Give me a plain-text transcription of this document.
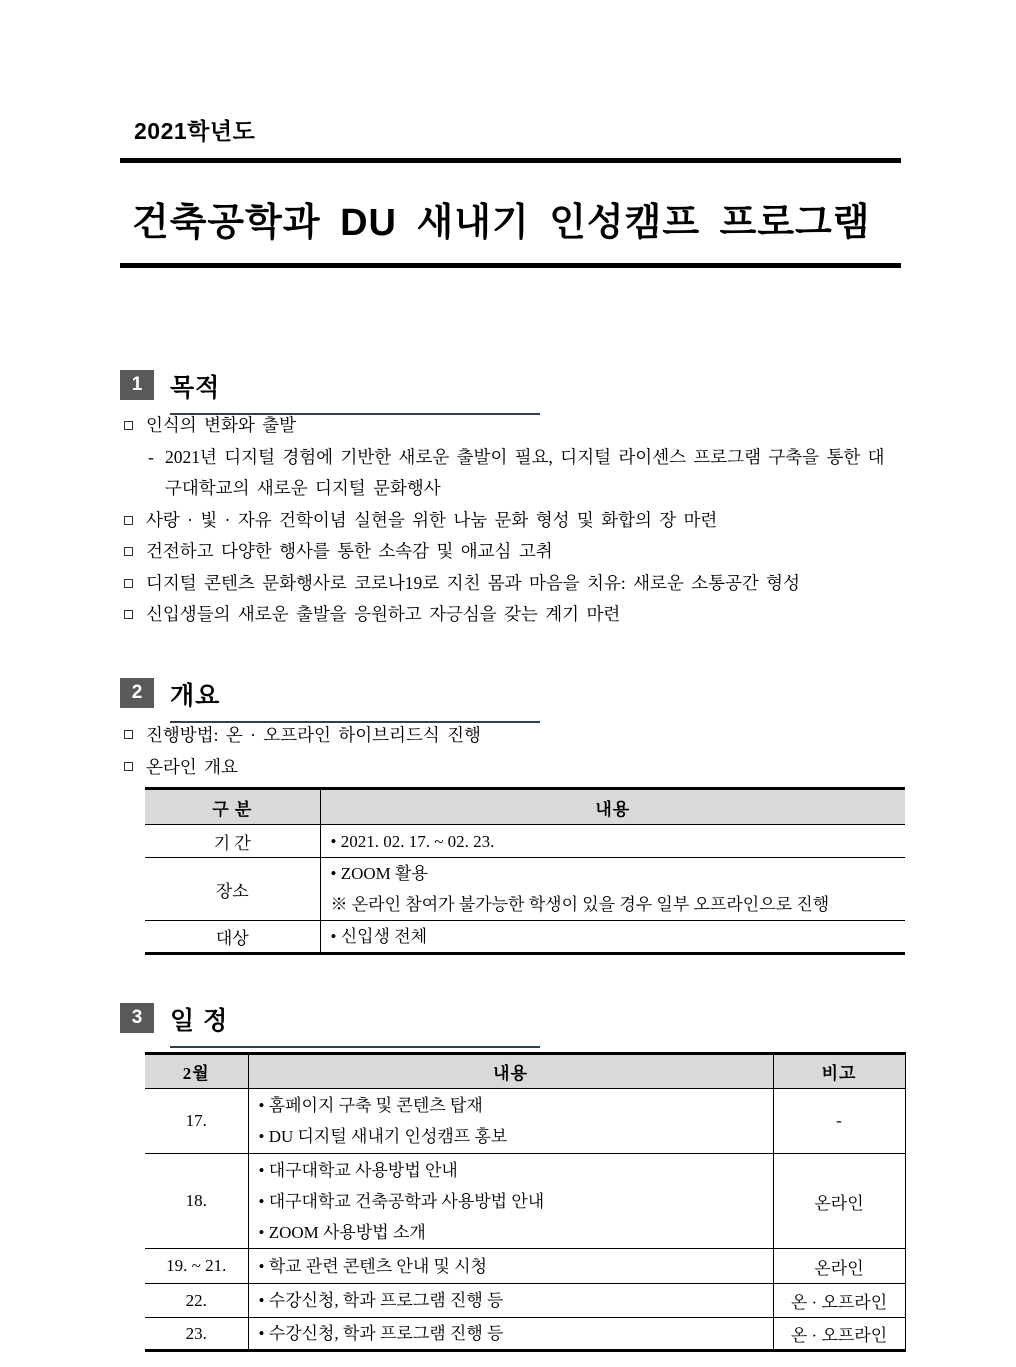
2021학년도
건축공학과 DU 새내기 인성캠프 프로그램
1	목적
인식의 변화와 출발
- 2021년 디지털 경험에 기반한 새로운 출발이 필요, 디지털 라이센스 프로그램 구축을 통한 대구대학교의 새로운 디지털 문화행사
사랑 · 빛 · 자유 건학이념 실현을 위한 나눔 문화 형성 및 화합의 장 마련
건전하고 다양한 행사를 통한 소속감 및 애교심 고취
디지털 콘텐츠 문화행사로 코로나19로 지친 몸과 마음을 치유: 새로운 소통공간 형성
신입생들의 새로운 출발을 응원하고 자긍심을 갖는 계기 마련
2	개요
진행방법: 온 · 오프라인 하이브리드식 진행
온라인 개요
구 분	내용
기 간	• 2021. 02. 17. ~ 02. 23.

장소	• ZOOM 활용
※ 온라인 참여가 불가능한 학생이 있을 경우 일부 오프라인으로 진행

대상	• 신입생 전체
3	일 정
2월	내용	비고
17.	• 홈페이지 구축 및 콘텐츠 탑재
• DU 디지털 새내기 인성캠프 홍보	-
18.	• 대구대학교 사용방법 안내
• 대구대학교 건축공학과 사용방법 안내
• ZOOM 사용방법 소개	온라인
19. ~ 21.	• 학교 관련 콘텐츠 안내 및 시청	온라인
22.	• 수강신청, 학과 프로그램 진행 등	온 · 오프라인
23.	• 수강신청, 학과 프로그램 진행 등	온 · 오프라인
